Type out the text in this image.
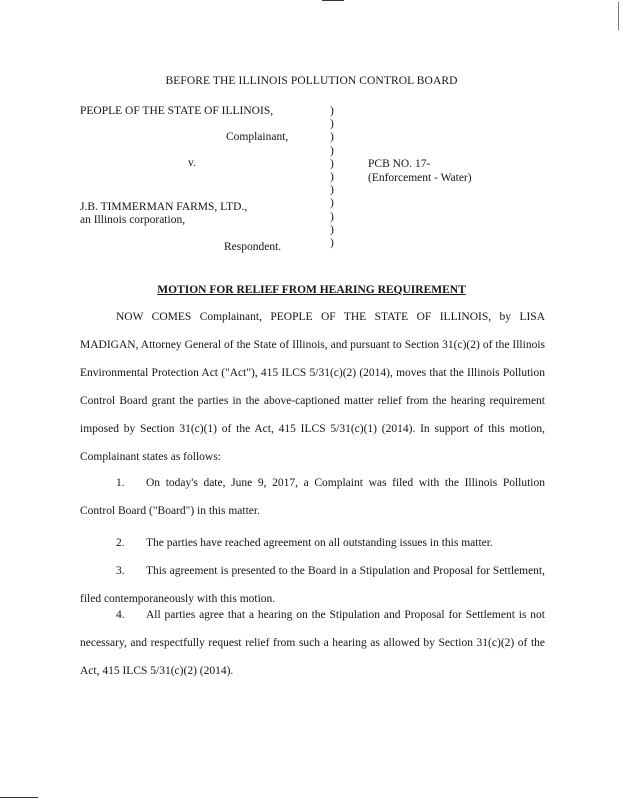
BEFORE THE ILLINOIS POLLUTION CONTROL BOARD
PEOPLE OF THE STATE OF ILLINOIS,
Complainant,
v.	PCB NO. 17-
(Enforcement - Water)
J.B. TIMMERMAN FARMS, LTD.,
an Illinois corporation,
Respondent.
)
)
)
)
)
)
)
)
)
)
)
MOTION FOR RELIEF FROM HEARING REQUIREMENT
NOW COMES Complainant, PEOPLE OF THE STATE OF ILLINOIS, by LISA MADIGAN, Attorney General of the State of Illinois, and pursuant to Section 31(c)(2) of the Illinois Environmental Protection Act ("Act"), 415 ILCS 5/31(c)(2) (2014), moves that the Illinois Pollution Control Board grant the parties in the above-captioned matter relief from the hearing requirement imposed by Section 31(c)(1) of the Act, 415 ILCS 5/31(c)(1) (2014). In support of this motion, Complainant states as follows:
1. On today's date, June 9, 2017, a Complaint was filed with the Illinois Pollution Control Board ("Board") in this matter.
2. The parties have reached agreement on all outstanding issues in this matter.
3. This agreement is presented to the Board in a Stipulation and Proposal for Settlement, filed contemporaneously with this motion.
4. All parties agree that a hearing on the Stipulation and Proposal for Settlement is not necessary, and respectfully request relief from such a hearing as allowed by Section 31(c)(2) of the Act, 415 ILCS 5/31(c)(2) (2014).
